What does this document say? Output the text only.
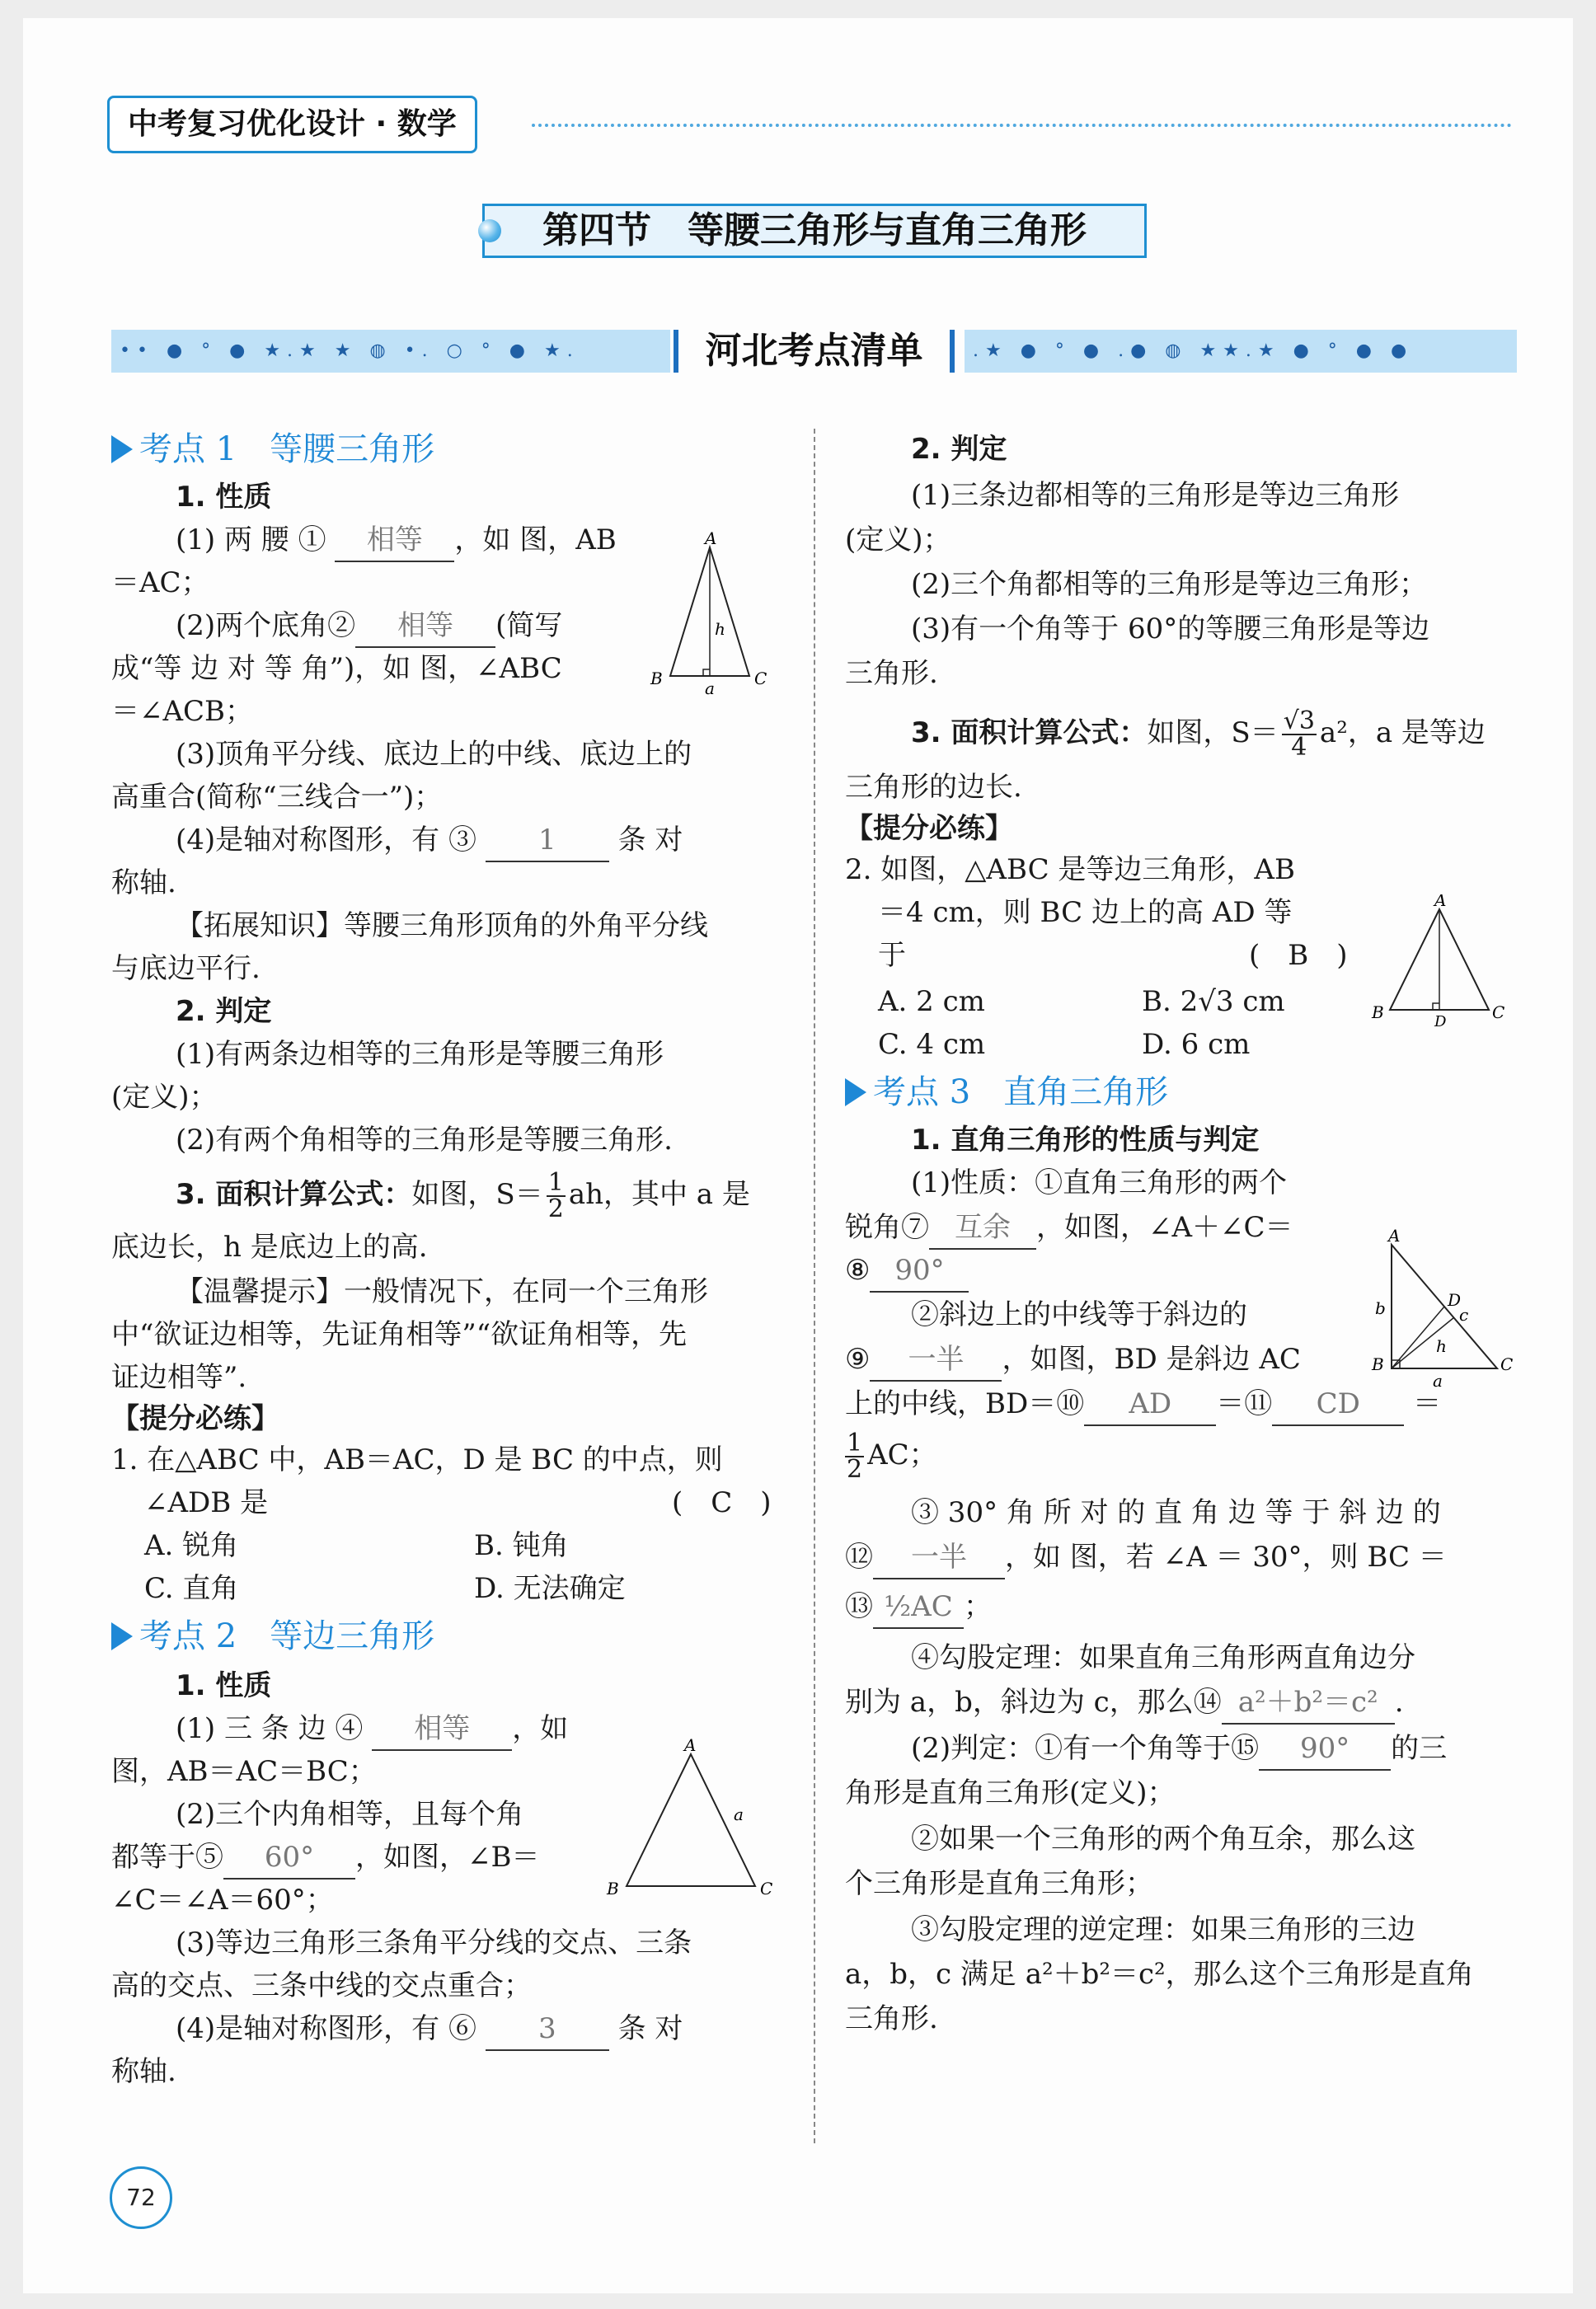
中考复习优化设计 · 数学
第四节　等腰三角形与直角三角形
•• ● ° ● ★.★ ★ ◍ •. ○ ° ● ★.	河北考点清单	.★ ● ° ● .● ◍ ★★.★ ● ° ● ●
考点 1　 等腰三角形
1. 性质
(1) 两 腰 ① 相等 ，如 图，AB
＝AC；
(2)两个底角② 相等 (简写
成“等 边 对 等 角”)，如 图，∠ABC
＝∠ACB；
(3)顶角平分线、底边上的中线、底边上的
高重合(简称“三线合一”)；
(4)是轴对称图形，有 ③ 1 条 对
称轴.
【拓展知识】等腰三角形顶角的外角平分线
与底边平行.
2. 判定
(1)有两条边相等的三角形是等腰三角形
(定义)；
(2)有两个角相等的三角形是等腰三角形.
3. 面积计算公式：如图，$S= \frac{1}{2}$ ah，其中 a 是
底边长，h 是底边上的高.
【温馨提示】一般情况下，在同一个三角形
中“欲证边相等，先证角相等”“欲证角相等，先
证边相等”.
【提分必练】
1. 在△ABC 中，AB＝AC，D 是 BC 的中点，则
∠ADB 是	(　C　)
A. 锐角	B. 钝角
C. 直角	D. 无法确定
考点 2　 等边三角形
1. 性质
(1) 三 条 边 ④ 相等 ，如
图，AB＝AC＝BC；
(2)三个内角相等，且每个角
都等于⑤ 60° ，如图，∠B＝
∠C＝∠A＝60°；
(3)等边三角形三条角平分线的交点、三条
高的交点、三条中线的交点重合；
(4)是轴对称图形，有 ⑥ 3 条 对
称轴.
A
B	C
h
a
A
B	C
a
2. 判定
(1)三条边都相等的三角形是等边三角形
(定义)；
(2)三个角都相等的三角形是等边三角形；
(3)有一个角等于 60°的等腰三角形是等边
三角形.
3. 面积计算公式：如图，$S= \frac{√3}{4} a^2$，a 是等边
三角形的边长.
【提分必练】
2. 如图，△ABC 是等边三角形，AB
＝4 cm，则 BC 边上的高 AD 等
于	(　B　)
A. 2 cm	B. 2√3 cm
C. 4 cm	D. 6 cm
考点 3　 直角三角形
1. 直角三角形的性质与判定
(1)性质：①直角三角形的两个
锐角⑦ 互余 ，如图，∠A＋∠C＝
⑧ 90°
②斜边上的中线等于斜边的
⑨ 一半 ，如图，BD 是斜边 AC
上的中线，BD＝⑩ AD ＝⑪ CD ＝
$\frac{1}{2}$ AC；
③ 30° 角 所 对 的 直 角 边 等 于 斜 边 的
⑫ 一半 ，如 图，若 ∠A ＝ 30°，则 BC ＝
⑬ ½AC ；
④勾股定理：如果直角三角形两直角边分
别为 a，b，斜边为 c，那么⑭ a²＋b²＝c² .
(2)判定：①有一个角等于⑮ 90° 的三
角形是直角三角形(定义)；
②如果一个三角形的两个角互余，那么这
个三角形是直角三角形；
③勾股定理的逆定理：如果三角形的三边
a，b，c 满足 a²＋b²＝c²，那么这个三角形是直角
三角形.
A
B	C
D
A
B	C
D
b	c
h
a
72
